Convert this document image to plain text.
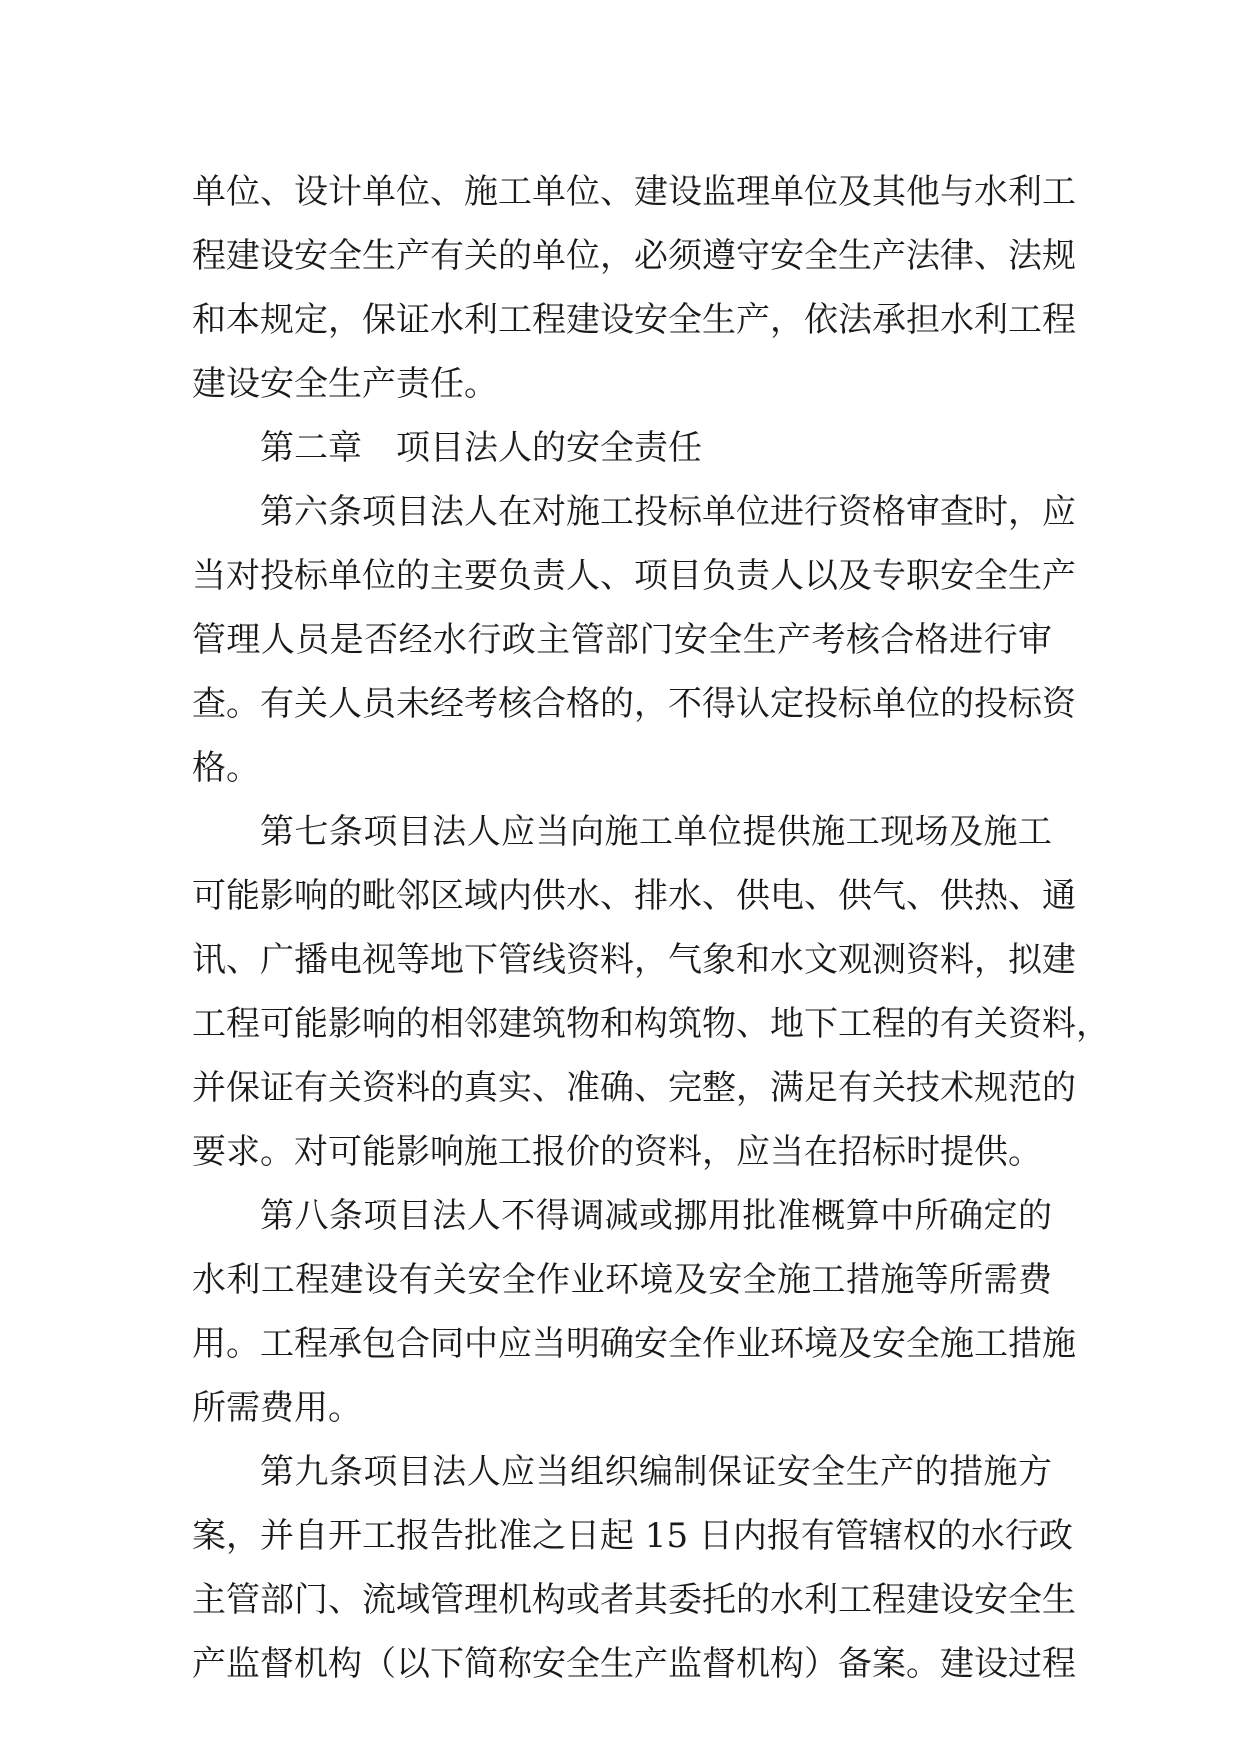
单位、设计单位、施工单位、建设监理单位及其他与水利工
程建设安全生产有关的单位，必须遵守安全生产法律、法规
和本规定，保证水利工程建设安全生产，依法承担水利工程
建设安全生产责任。
第二章 项目法人的安全责任
第六条项目法人在对施工投标单位进行资格审查时，应
当对投标单位的主要负责人、项目负责人以及专职安全生产
管理人员是否经水行政主管部门安全生产考核合格进行审
查。有关人员未经考核合格的，不得认定投标单位的投标资
格。
第七条项目法人应当向施工单位提供施工现场及施工
可能影响的毗邻区域内供水、排水、供电、供气、供热、通
讯、广播电视等地下管线资料，气象和水文观测资料，拟建
工程可能影响的相邻建筑物和构筑物、地下工程的有关资料，
并保证有关资料的真实、准确、完整，满足有关技术规范的
要求。对可能影响施工报价的资料，应当在招标时提供。
第八条项目法人不得调减或挪用批准概算中所确定的
水利工程建设有关安全作业环境及安全施工措施等所需费
用。工程承包合同中应当明确安全作业环境及安全施工措施
所需费用。
第九条项目法人应当组织编制保证安全生产的措施方
案，并自开工报告批准之日起 15 日内报有管辖权的水行政
主管部门、流域管理机构或者其委托的水利工程建设安全生
产监督机构（以下简称安全生产监督机构）备案。建设过程
